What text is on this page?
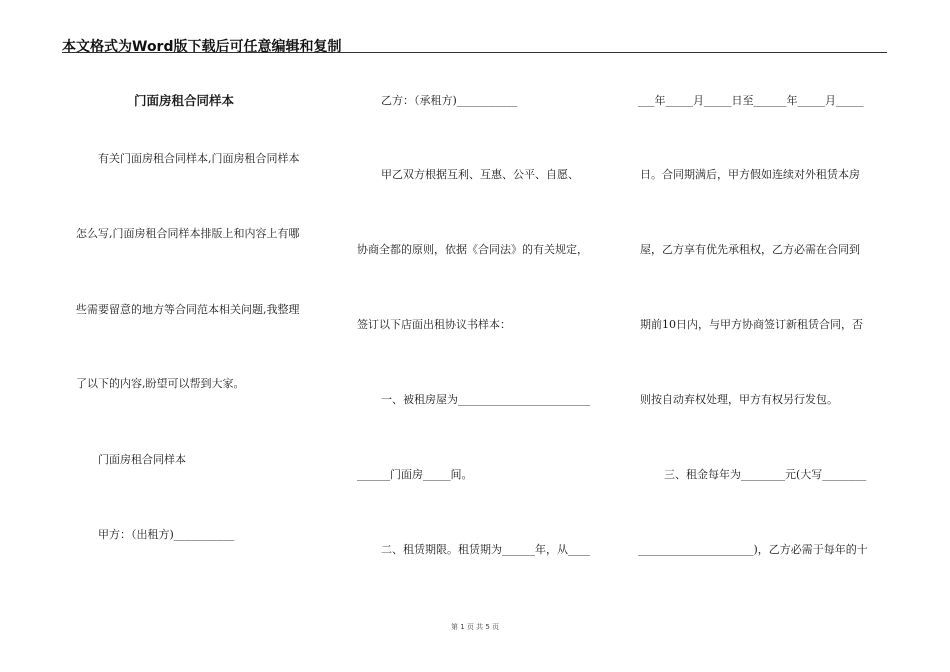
本文格式为Word版下载后可任意编辑和复制
门面房租合同样本
有关门面房租合同样本,门面房租合同样本
怎么写,门面房租合同样本排版上和内容上有哪
些需要留意的地方等合同范本相关问题,我整理
了以下的内容,盼望可以帮到大家。
门面房租合同样本
甲方：（出租方)___________
乙方：（承租方)___________
甲乙双方根据互利、互惠、公平、自愿、
协商全都的原则，依据《合同法》的有关规定，
签订以下店面出租协议书样本：
一、被租房屋为________________________
______门面房_____间。
二、租赁期限。租赁期为______年，从____
___年_____月_____日至______年_____月_____
日。合同期满后，甲方假如连续对外租赁本房
屋，乙方享有优先承租权，乙方必需在合同到
期前10日内，与甲方协商签订新租赁合同，否
则按自动弃权处理，甲方有权另行发包。
三、租金每年为________元(大写________
_____________________)，乙方必需于每年的十
第 1 页 共 5 页
